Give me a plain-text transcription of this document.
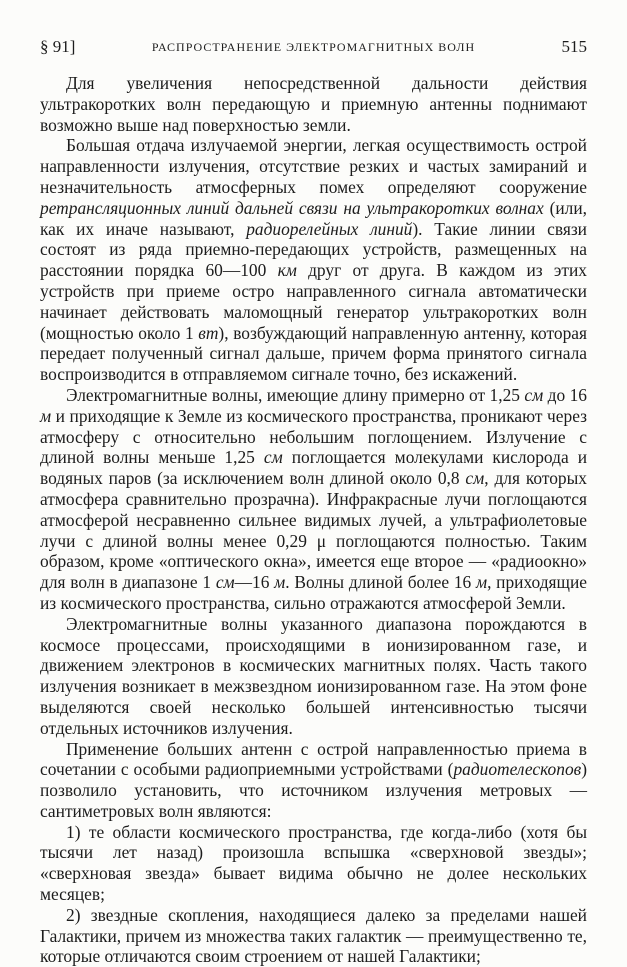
§ 91]	РАСПРОСТРАНЕНИЕ ЭЛЕКТРОМАГНИТНЫХ ВОЛН	515

Для увеличения непосредственной дальности действия ультракоротких волн передающую и приемную антенны поднимают возможно выше над поверхностью земли.

Большая отдача излучаемой энергии, легкая осуществимость острой направленности излучения, отсутствие резких и частых замираний и незначительность атмосферных помех определяют сооружение ретрансляционных линий дальней связи на ультракоротких волнах (или, как их иначе называют, радиорелейных линий). Такие линии связи состоят из ряда приемно-передающих устройств, размещенных на расстоянии порядка 60—100 км друг от друга. В каждом из этих устройств при приеме остро направленного сигнала автоматически начинает действовать маломощный генератор ультракоротких волн (мощностью около 1 вт), возбуждающий направленную антенну, которая передает полученный сигнал дальше, причем форма принятого сигнала воспроизводится в отправляемом сигнале точно, без искажений.

Электромагнитные волны, имеющие длину примерно от 1,25 см до 16 м и приходящие к Земле из космического пространства, проникают через атмосферу с относительно небольшим поглощением. Излучение с длиной волны меньше 1,25 см поглощается молекулами кислорода и водяных паров (за исключением волн длиной около 0,8 см, для которых атмосфера сравнительно прозрачна). Инфракрасные лучи поглощаются атмосферой несравненно сильнее видимых лучей, а ультрафиолетовые лучи с длиной волны менее 0,29 μ поглощаются полностью. Таким образом, кроме «оптического окна», имеется еще второе — «радиоокно» для волн в диапазоне 1 см—16 м. Волны длиной более 16 м, приходящие из космического пространства, сильно отражаются атмосферой Земли.

Электромагнитные волны указанного диапазона порождаются в космосе процессами, происходящими в ионизированном газе, и движением электронов в космических магнитных полях. Часть такого излучения возникает в межзвездном ионизированном газе. На этом фоне выделяются своей несколько большей интенсивностью тысячи отдельных источников излучения.

Применение больших антенн с острой направленностью приема в сочетании с особыми радиоприемными устройствами (радиотелескопов) позволило установить, что источником излучения метровых — сантиметровых волн являются:

1) те области космического пространства, где когда-либо (хотя бы тысячи лет назад) произошла вспышка «сверхновой звезды»; «сверхновая звезда» бывает видима обычно не долее нескольких месяцев;

2) звездные скопления, находящиеся далеко за пределами нашей Галактики, причем из множества таких галактик — преимущественно те, которые отличаются своим строением от нашей Галактики;
